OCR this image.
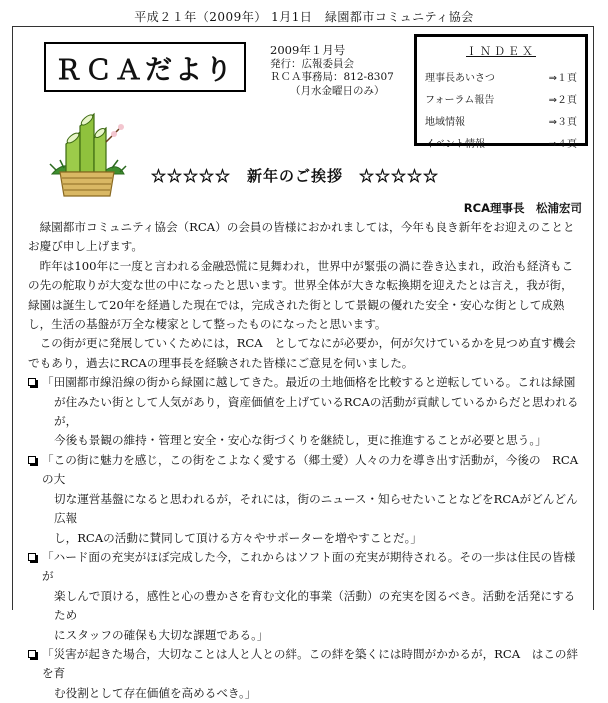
平成２１年（2009年） 1月1日　緑園都市コミュニティ協会
ＲＣＡだより
2009年１月号
発行：広報委員会
ＲＣＡ事務局：812-8307
（月水金曜日のみ）
ＩＮＤＥＸ
理事長あいさつ	⇒１頁
フォーラム報告	⇒２頁
地域情報	⇒３頁
イベント情報	⇒４頁
☆☆☆☆☆　新年のご挨拶　☆☆☆☆☆
RCA理事長　松浦宏司

緑園都市コミュニティ協会（RCA）の会員の皆様におかれましては，今年も良き新年をお迎えのこととお慶び申し上げます。

昨年は100年に一度と言われる金融恐慌に見舞われ，世界中が緊張の渦に巻き込まれ，政治も経済もこの先の舵取りが大変な世の中になったと思います。世界全体が大きな転換期を迎えたとは言え，我が街，緑園は誕生して20年を経過した現在では，完成された街として景観の優れた安全・安心な街として成熟し，生活の基盤が万全な棲家として整ったものになったと思います。

この街が更に発展していくためには，RCA　としてなにが必要か，何が欠けているかを見つめ直す機会でもあり，過去にRCAの理事長を経験された皆様にご意見を伺いました。

「田園都市線沿線の街から緑園に越してきた。最近の土地価格を比較すると逆転している。これは緑園
が住みたい街として人気があり，資産価値を上げているRCAの活動が貢献しているからだと思われるが，
今後も景観の維持・管理と安全・安心な街づくりを継続し，更に推進することが必要と思う。」
「この街に魅力を感じ，この街をこよなく愛する（郷土愛）人々の力を導き出す活動が，今後の　RCA　の大
切な運営基盤になると思われるが，それには，街のニュース・知らせたいことなどをRCAがどんどん広報
し，RCAの活動に賛同して頂ける方々やサポーターを増やすことだ。」
「ハード面の充実がほぼ完成した今，これからはソフト面の充実が期待される。その一歩は住民の皆様が
楽しんで頂ける，感性と心の豊かさを育む文化的事業（活動）の充実を図るべき。活動を活発にするため
にスタッフの確保も大切な課題である。」
「災害が起きた場合，大切なことは人と人との絆。この絆を築くには時間がかかるが，RCA　はこの絆を育
む役割として存在価値を高めるべき。」
